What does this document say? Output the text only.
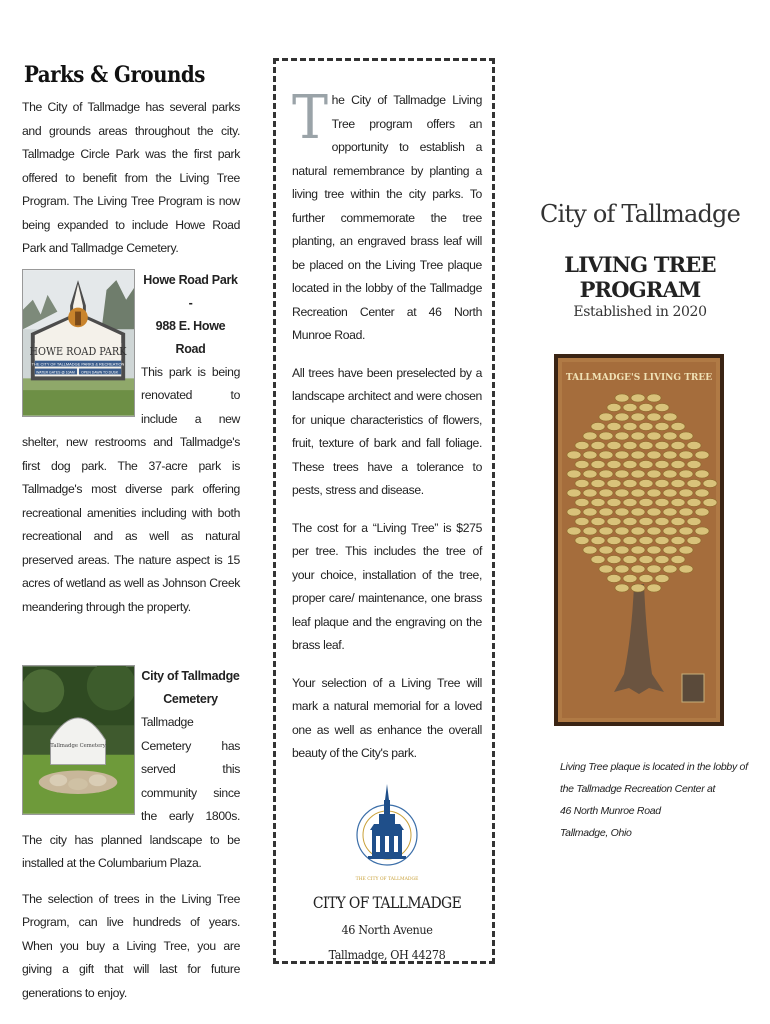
Parks & Grounds

The City of Tallmadge has several parks and grounds areas throughout the city. Tallmadge Circle Park was the first park offered to benefit from the Living Tree Program. The Living Tree Program is now being expanded to include Howe Road Park and Tallmadge Cemetery.

HOWE ROAD PARK
THE CITY OF TALLMADGE PARKS & RECREATION
WATER GATES @ 10AM OPEN DAWN TO DUSK
Howe Road Park -
988 E. Howe Road

This park is being renovated to include a new shelter, new restrooms and Tallmadge's first dog park. The 37-acre park is Tallmadge's most diverse park offering recreational amenities including with both recreational and as well as natural preserved areas. The nature aspect is 15 acres of wetland as well as Johnson Creek meandering through the property.

Tallmadge Cemetery
City of Tallmadge
Cemetery

Tallmadge Cemetery has served this community since the early 1800s. The city has planned landscape to be installed at the Columbarium Plaza.

The selection of trees in the Living Tree Program, can live hundreds of years. When you buy a Living Tree, you are giving a gift that will last for future generations to enjoy.

The City of Tallmadge Living Tree program offers an opportunity to establish a natural remembrance by planting a living tree within the city parks. To further commemorate the tree planting, an engraved brass leaf will be placed on the Living Tree plaque located in the lobby of the Tallmadge Recreation Center at 46 North Munroe Road.

All trees have been preselected by a landscape architect and were chosen for unique characteristics of flowers, fruit, texture of bark and fall foliage. These trees have a tolerance to pests, stress and disease.

The cost for a “Living Tree” is $275 per tree. This includes the tree of your choice, installation of the tree, proper care/ maintenance, one brass leaf plaque and the engraving on the brass leaf.

Your selection of a Living Tree will mark a natural memorial for a loved one as well as enhance the overall beauty of the City's park.

THE CITY OF TALLMADGE
CITY OF TALLMADGE
46 North Avenue
Tallmadge, OH 44278
City of Tallmadge
LIVING TREE PROGRAM
Established in 2020
TALLMADGE'S LIVING TREE
Living Tree plaque is located in the lobby of
the Tallmadge Recreation Center at
46 North Munroe Road
Tallmadge, Ohio
